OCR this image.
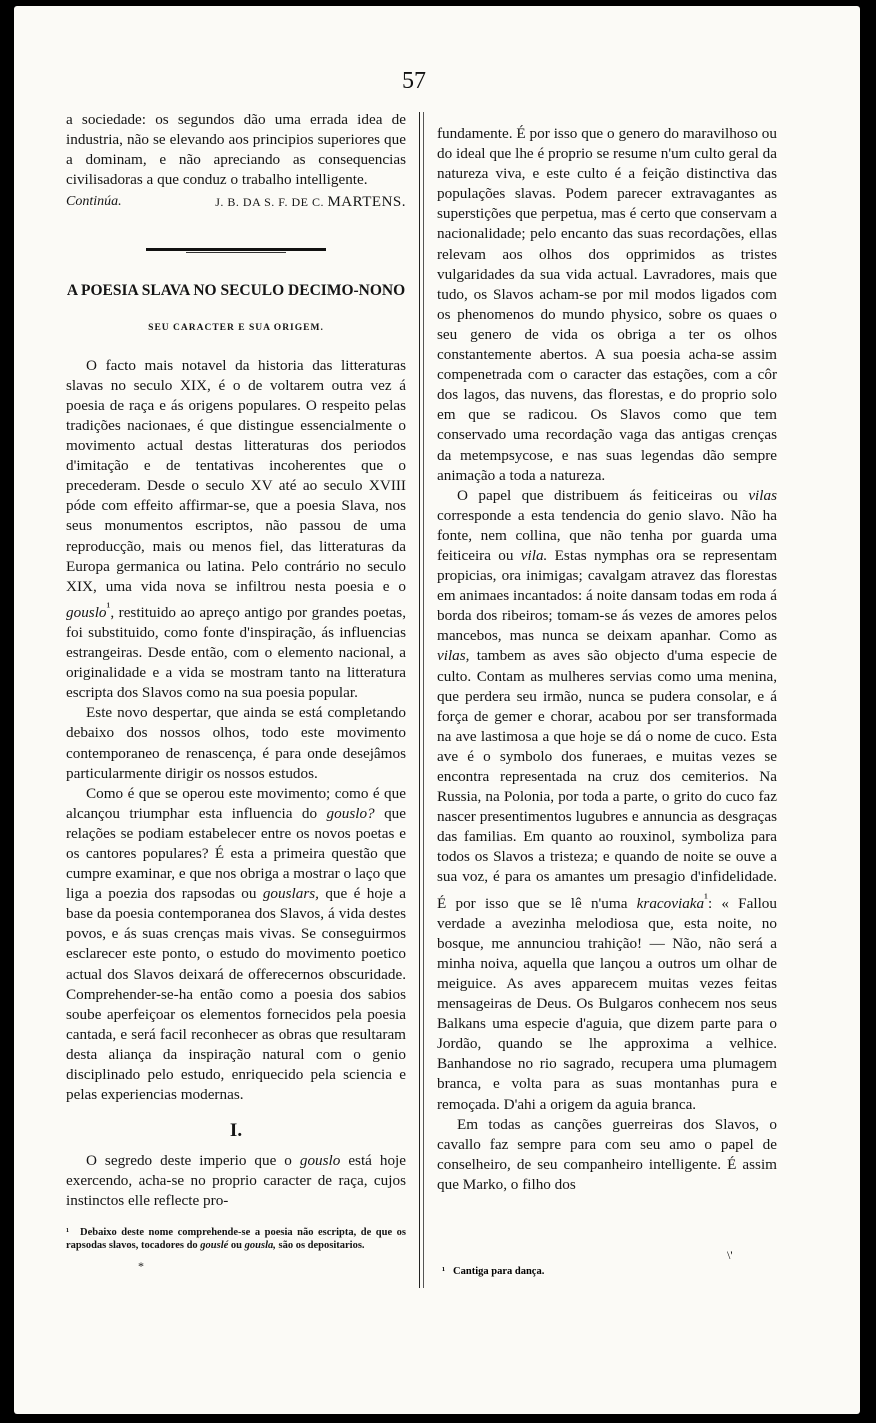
57

a sociedade: os segundos dão uma errada idea de industria, não se elevando aos principios superiores que a dominam, e não apreciando as consequencias civilisadoras a que conduz o trabalho intelligente.

Continúa.	J. B. DA S. F. DE C. MARTENS.
A POESIA SLAVA NO SECULO DECIMO-NONO
SEU CARACTER E SUA ORIGEM.

O facto mais notavel da historia das litteraturas slavas no seculo XIX, é o de voltarem outra vez á poesia de raça e ás origens populares. O respeito pelas tradições nacionaes, é que distingue essencialmente o movimento actual destas litteraturas dos periodos d'imitação e de tentativas incoherentes que o precederam. Desde o seculo XV até ao seculo XVIII póde com effeito affirmar-se, que a poesia Slava, nos seus monumentos escriptos, não passou de uma reproducção, mais ou menos fiel, das litteraturas da Europa germanica ou latina. Pelo contrário no seculo XIX, uma vida nova se infiltrou nesta poesia e o gouslo$^{^1}$, restituido ao apreço antigo por grandes poetas, foi substituido, como fonte d'inspiração, ás influencias estrangeiras. Desde então, com o elemento nacional, a originalidade e a vida se mostram tanto na litteratura escripta dos Slavos como na sua poesia popular.

Este novo despertar, que ainda se está completando debaixo dos nossos olhos, todo este movimento contemporaneo de renascença, é para onde desejâmos particularmente dirigir os nossos estudos.

Como é que se operou este movimento; como é que alcançou triumphar esta influencia do gouslo? que relações se podiam estabelecer entre os novos poetas e os cantores populares? É esta a primeira questão que cumpre examinar, e que nos obriga a mostrar o laço que liga a poezia dos rapsodas ou gouslars, que é hoje a base da poesia contemporanea dos Slavos, á vida destes povos, e ás suas crenças mais vivas. Se conseguirmos esclarecer este ponto, o estudo do movimento poetico actual dos Slavos deixará de offerecernos obscuridade. Comprehender-se-ha então como a poesia dos sabios soube aperfeiçoar os elementos fornecidos pela poesia cantada, e será facil reconhecer as obras que resultaram desta aliança da inspiração natural com o genio disciplinado pelo estudo, enriquecido pela sciencia e pelas experiencias modernas.

I.

O segredo deste imperio que o gouslo está hoje exercendo, acha-se no proprio caracter de raça, cujos instinctos elle reflecte pro-

¹ Debaixo deste nome comprehende-se a poesia não escripta, de que os rapsodas slavos, tocadores do gouslé ou gousla, são os depositarios.

*

fundamente. É por isso que o genero do maravilhoso ou do ideal que lhe é proprio se resume n'um culto geral da natureza viva, e este culto é a feição distinctiva das populações slavas. Podem parecer extravagantes as superstições que perpetua, mas é certo que conservam a nacionalidade; pelo encanto das suas recordações, ellas relevam aos olhos dos opprimidos as tristes vulgaridades da sua vida actual. Lavradores, mais que tudo, os Slavos acham-se por mil modos ligados com os phenomenos do mundo physico, sobre os quaes o seu genero de vida os obriga a ter os olhos constantemente abertos. A sua poesia acha-se assim compenetrada com o caracter das estações, com a côr dos lagos, das nuvens, das florestas, e do proprio solo em que se radicou. Os Slavos como que tem conservado uma recordação vaga das antigas crenças da metempsycose, e nas suas legendas dão sempre animação a toda a natureza.

O papel que distribuem ás feiticeiras ou vilas corresponde a esta tendencia do genio slavo. Não ha fonte, nem collina, que não tenha por guarda uma feiticeira ou vila. Estas nymphas ora se representam propicias, ora inimigas; cavalgam atravez das florestas em animaes incantados: á noite dansam todas em roda á borda dos ribeiros; tomam-se ás vezes de amores pelos mancebos, mas nunca se deixam apanhar. Como as vilas, tambem as aves são objecto d'uma especie de culto. Contam as mulheres servias como uma menina, que perdera seu irmão, nunca se pudera consolar, e á força de gemer e chorar, acabou por ser transformada na ave lastimosa a que hoje se dá o nome de cuco. Esta ave é o symbolo dos funeraes, e muitas vezes se encontra representada na cruz dos cemiterios. Na Russia, na Polonia, por toda a parte, o grito do cuco faz nascer presentimentos lugubres e annuncia as desgraças das familias. Em quanto ao rouxinol, symboliza para todos os Slavos a tristeza; e quando de noite se ouve a sua voz, é para os amantes um presagio d'infidelidade. É por isso que se lê n'uma kracoviaka$^{^1}$: « Fallou verdade a avezinha melodiosa que, esta noite, no bosque, me annunciou trahição! — Não, não será a minha noiva, aquella que lançou a outros um olhar de meiguice. As aves apparecem muitas vezes feitas mensageiras de Deus. Os Bulgaros conhecem nos seus Balkans uma especie d'aguia, que dizem parte para o Jordão, quando se lhe approxima a velhice. Banhandose no rio sagrado, recupera uma plumagem branca, e volta para as suas montanhas pura e remoçada. D'ahi a origem da aguia branca.

Em todas as canções guerreiras dos Slavos, o cavallo faz sempre para com seu amo o papel de conselheiro, de seu companheiro intelligente. É assim que Marko, o filho dos

\'
¹ Cantiga para dança.
